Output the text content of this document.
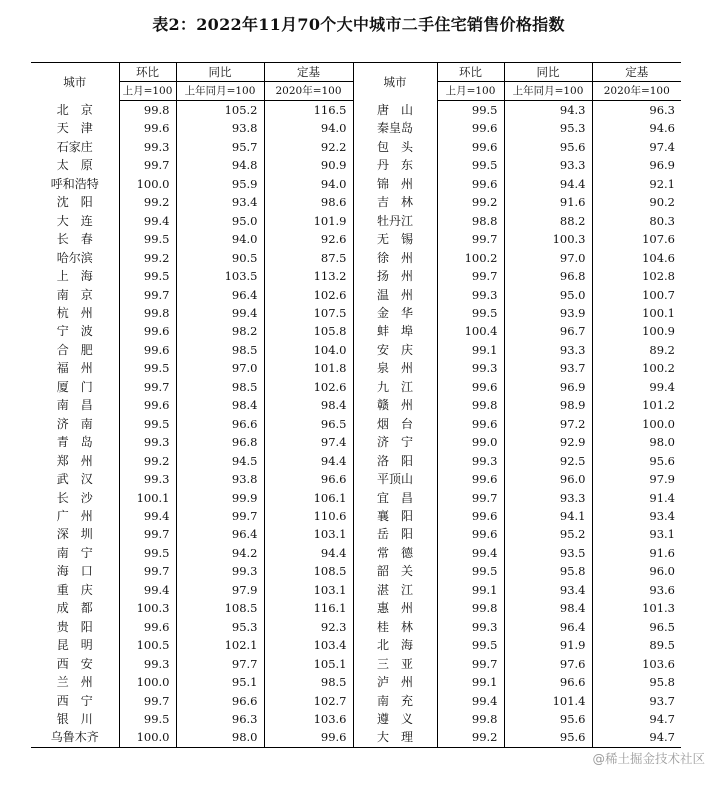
表2：2022年11月70个大中城市二手住宅销售价格指数
城市	环比	同比	定基	城市	环比	同比	定基
	上月=100	上年同月=100	2020年=100		上月=100	上年同月=100	2020年=100
北　京	99.8	105.2	116.5	唐　山	99.5	94.3	96.3
天　津	99.6	93.8	94.0	秦皇岛	99.6	95.3	94.6
石家庄	99.3	95.7	92.2	包　头	99.6	95.6	97.4
太　原	99.7	94.8	90.9	丹　东	99.5	93.3	96.9
呼和浩特	100.0	95.9	94.0	锦　州	99.6	94.4	92.1
沈　阳	99.2	93.4	98.6	吉　林	99.2	91.6	90.2
大　连	99.4	95.0	101.9	牡丹江	98.8	88.2	80.3
长　春	99.5	94.0	92.6	无　锡	99.7	100.3	107.6
哈尔滨	99.2	90.5	87.5	徐　州	100.2	97.0	104.6
上　海	99.5	103.5	113.2	扬　州	99.7	96.8	102.8
南　京	99.7	96.4	102.6	温　州	99.3	95.0	100.7
杭　州	99.8	99.4	107.5	金　华	99.5	93.9	100.1
宁　波	99.6	98.2	105.8	蚌　埠	100.4	96.7	100.9
合　肥	99.6	98.5	104.0	安　庆	99.1	93.3	89.2
福　州	99.5	97.0	101.8	泉　州	99.3	93.7	100.2
厦　门	99.7	98.5	102.6	九　江	99.6	96.9	99.4
南　昌	99.6	98.4	98.4	赣　州	99.8	98.9	101.2
济　南	99.5	96.6	96.5	烟　台	99.6	97.2	100.0
青　岛	99.3	96.8	97.4	济　宁	99.0	92.9	98.0
郑　州	99.2	94.5	94.4	洛　阳	99.3	92.5	95.6
武　汉	99.3	93.8	96.6	平顶山	99.6	96.0	97.9
长　沙	100.1	99.9	106.1	宜　昌	99.7	93.3	91.4
广　州	99.4	99.7	110.6	襄　阳	99.6	94.1	93.4
深　圳	99.7	96.4	103.1	岳　阳	99.6	95.2	93.1
南　宁	99.5	94.2	94.4	常　德	99.4	93.5	91.6
海　口	99.7	99.3	108.5	韶　关	99.5	95.8	96.0
重　庆	99.4	97.9	103.1	湛　江	99.1	93.4	93.6
成　都	100.3	108.5	116.1	惠　州	99.8	98.4	101.3
贵　阳	99.6	95.3	92.3	桂　林	99.3	96.4	96.5
昆　明	100.5	102.1	103.4	北　海	99.5	91.9	89.5
西　安	99.3	97.7	105.1	三　亚	99.7	97.6	103.6
兰　州	100.0	95.1	98.5	泸　州	99.1	96.6	95.8
西　宁	99.7	96.6	102.7	南　充	99.4	101.4	93.7
银　川	99.5	96.3	103.6	遵　义	99.8	95.6	94.7
乌鲁木齐	100.0	98.0	99.6	大　理	99.2	95.6	94.7
@稀土掘金技术社区
